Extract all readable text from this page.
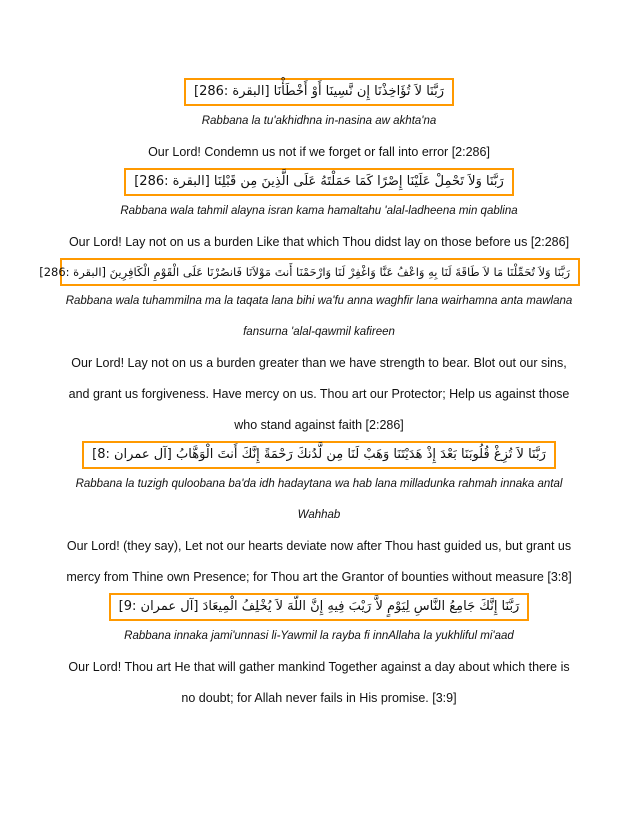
رَبَّنَا لاَ تُؤَاخِذْنَا إِن نَّسِينَا أَوْ أَخْطَأْنَا [البقرة :286]
Rabbana la tu'akhidhna in-nasina aw akhta'na
Our Lord! Condemn us not if we forget or fall into error [2:286]
رَبَّنَا وَلاَ تَحْمِلْ عَلَيْنَا إِصْرًا كَمَا حَمَلْتَهُ عَلَى الَّذِينَ مِن قَبْلِنَا [البقرة :286]
Rabbana wala tahmil alayna isran kama hamaltahu 'alal-ladheena min qablina
Our Lord! Lay not on us a burden Like that which Thou didst lay on those before us [2:286]
رَبَّنَا وَلاَ تُحَمِّلْنَا مَا لاَ طَاقَةَ لَنَا بِهِ وَاعْفُ عَنَّا وَاغْفِرْ لَنَا وَارْحَمْنَا أَنتَ مَوْلاَنَا فَانصُرْنَا عَلَى الْقَوْمِ الْكَافِرِينَ [البقرة :286]
Rabbana wala tuhammilna ma la taqata lana bihi wa'fu anna waghfir lana wairhamna anta mawlana fansurna 'alal-qawmil kafireen
Our Lord! Lay not on us a burden greater than we have strength to bear. Blot out our sins, and grant us forgiveness. Have mercy on us. Thou art our Protector; Help us against those who stand against faith [2:286]
رَبَّنَا لاَ تُزِغْ قُلُوبَنَا بَعْدَ إِذْ هَدَيْتَنَا وَهَبْ لَنَا مِن لَّدُنكَ رَحْمَةً إِنَّكَ أَنتَ الْوَهَّابُ [آل عمران :8]
Rabbana la tuzigh quloobana ba'da idh hadaytana wa hab lana milladunka rahmah innaka antal Wahhab
Our Lord! (they say), Let not our hearts deviate now after Thou hast guided us, but grant us mercy from Thine own Presence; for Thou art the Grantor of bounties without measure [3:8]
رَبَّنَا إِنَّكَ جَامِعُ النَّاسِ لِيَوْمٍ لاَّ رَيْبَ فِيهِ إِنَّ اللّهَ لاَ يُخْلِفُ الْمِيعَادَ [آل عمران :9]
Rabbana innaka jami'unnasi li-Yawmil la rayba fi innAllaha la yukhliful mi'aad
Our Lord! Thou art He that will gather mankind Together against a day about which there is no doubt; for Allah never fails in His promise. [3:9]
